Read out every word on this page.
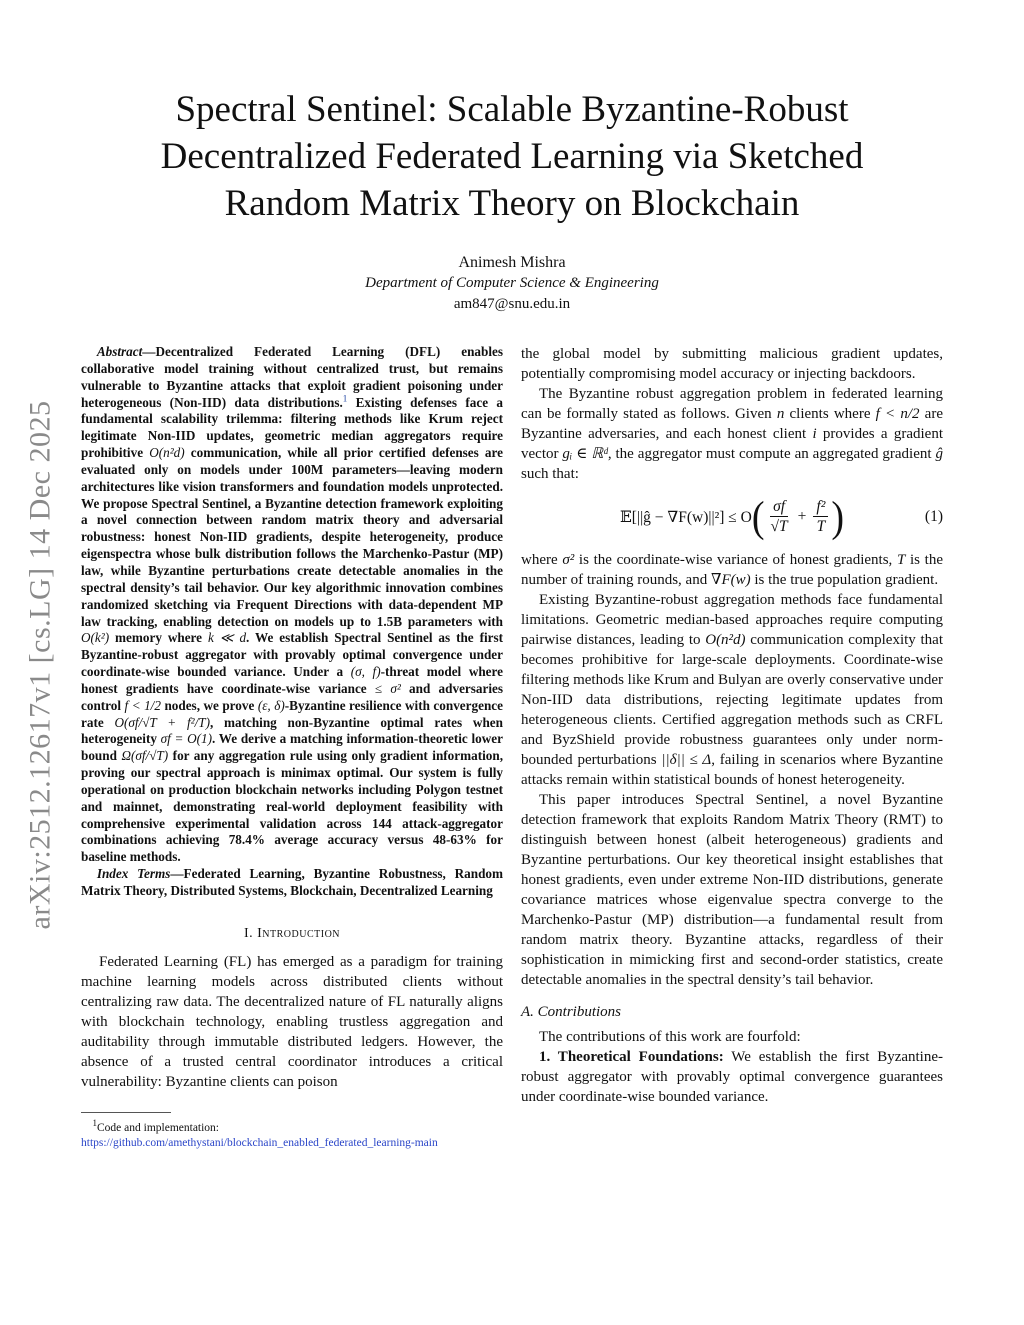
arXiv:2512.12617v1 [cs.LG] 14 Dec 2025
Spectral Sentinel: Scalable Byzantine-Robust Decentralized Federated Learning via Sketched Random Matrix Theory on Blockchain
Animesh Mishra
Department of Computer Science & Engineering
am847@snu.edu.in

Abstract—Decentralized Federated Learning (DFL) enables collaborative model training without centralized trust, but remains vulnerable to Byzantine attacks that exploit gradient poisoning under heterogeneous (Non-IID) data distributions.$^1$ Existing defenses face a fundamental scalability trilemma: filtering methods like Krum reject legitimate Non-IID updates, geometric median aggregators require prohibitive O(n²d) communication, while all prior certified defenses are evaluated only on models under 100M parameters—leaving modern architectures like vision transformers and foundation models unprotected. We propose Spectral Sentinel, a Byzantine detection framework exploiting a novel connection between random matrix theory and adversarial robustness: honest Non-IID gradients, despite heterogeneity, produce eigenspectra whose bulk distribution follows the Marchenko-Pastur (MP) law, while Byzantine perturbations create detectable anomalies in the spectral density’s tail behavior. Our key algorithmic innovation combines randomized sketching via Frequent Directions with data-dependent MP law tracking, enabling detection on models up to 1.5B parameters with O(k²) memory where k ≪ d. We establish Spectral Sentinel as the first Byzantine-robust aggregator with provably optimal convergence under coordinate-wise bounded variance. Under a (σ, f)-threat model where honest gradients have coordinate-wise variance ≤ σ² and adversaries control f < 1/2 nodes, we prove (ε, δ)-Byzantine resilience with convergence rate O(σf/√T + f²/T), matching non-Byzantine optimal rates when heterogeneity σf = O(1). We derive a matching information-theoretic lower bound Ω(σf/√T) for any aggregation rule using only gradient information, proving our spectral approach is minimax optimal. Our system is fully operational on production blockchain networks including Polygon testnet and mainnet, demonstrating real-world deployment feasibility with comprehensive experimental validation across 144 attack-aggregator combinations achieving 78.4% average accuracy versus 48-63% for baseline methods.

Index Terms—Federated Learning, Byzantine Robustness, Random Matrix Theory, Distributed Systems, Blockchain, Decentralized Learning

I. Introduction

Federated Learning (FL) has emerged as a paradigm for training machine learning models across distributed clients without centralizing raw data. The decentralized nature of FL naturally aligns with blockchain technology, enabling trustless aggregation and auditability through immutable distributed ledgers. However, the absence of a trusted central coordinator introduces a critical vulnerability: Byzantine clients can poison

$^1$Code and implementation: https://github.com/amethystani/blockchain_enabled_federated_learning-main

the global model by submitting malicious gradient updates, potentially compromising model accuracy or injecting backdoors.

The Byzantine robust aggregation problem in federated learning can be formally stated as follows. Given n clients where f < n/2 are Byzantine adversaries, and each honest client i provides a gradient vector gᵢ ∈ ℝᵈ, the aggregator must compute an aggregated gradient ĝ such that:

𝔼[||ĝ − ∇F(w)||²] ≤ O ( $\frac{\sigma f}{√T} + \frac{\text{f²}}{T}$ )	(1)

where σ² is the coordinate-wise variance of honest gradients, T is the number of training rounds, and ∇F(w) is the true population gradient.

Existing Byzantine-robust aggregation methods face fundamental limitations. Geometric median-based approaches require computing pairwise distances, leading to O(n²d) communication complexity that becomes prohibitive for large-scale deployments. Coordinate-wise filtering methods like Krum and Bulyan are overly conservative under Non-IID data distributions, rejecting legitimate updates from heterogeneous clients. Certified aggregation methods such as CRFL and ByzShield provide robustness guarantees only under norm-bounded perturbations ||δ|| ≤ Δ, failing in scenarios where Byzantine attacks remain within statistical bounds of honest heterogeneity.

This paper introduces Spectral Sentinel, a novel Byzantine detection framework that exploits Random Matrix Theory (RMT) to distinguish between honest (albeit heterogeneous) gradients and Byzantine perturbations. Our key theoretical insight establishes that honest gradients, even under extreme Non-IID distributions, generate covariance matrices whose eigenvalue spectra converge to the Marchenko-Pastur (MP) distribution—a fundamental result from random matrix theory. Byzantine attacks, regardless of their sophistication in mimicking first and second-order statistics, create detectable anomalies in the spectral density’s tail behavior.

A. Contributions

The contributions of this work are fourfold:

1. Theoretical Foundations: We establish the first Byzantine-robust aggregator with provably optimal convergence guarantees under coordinate-wise bounded variance.
